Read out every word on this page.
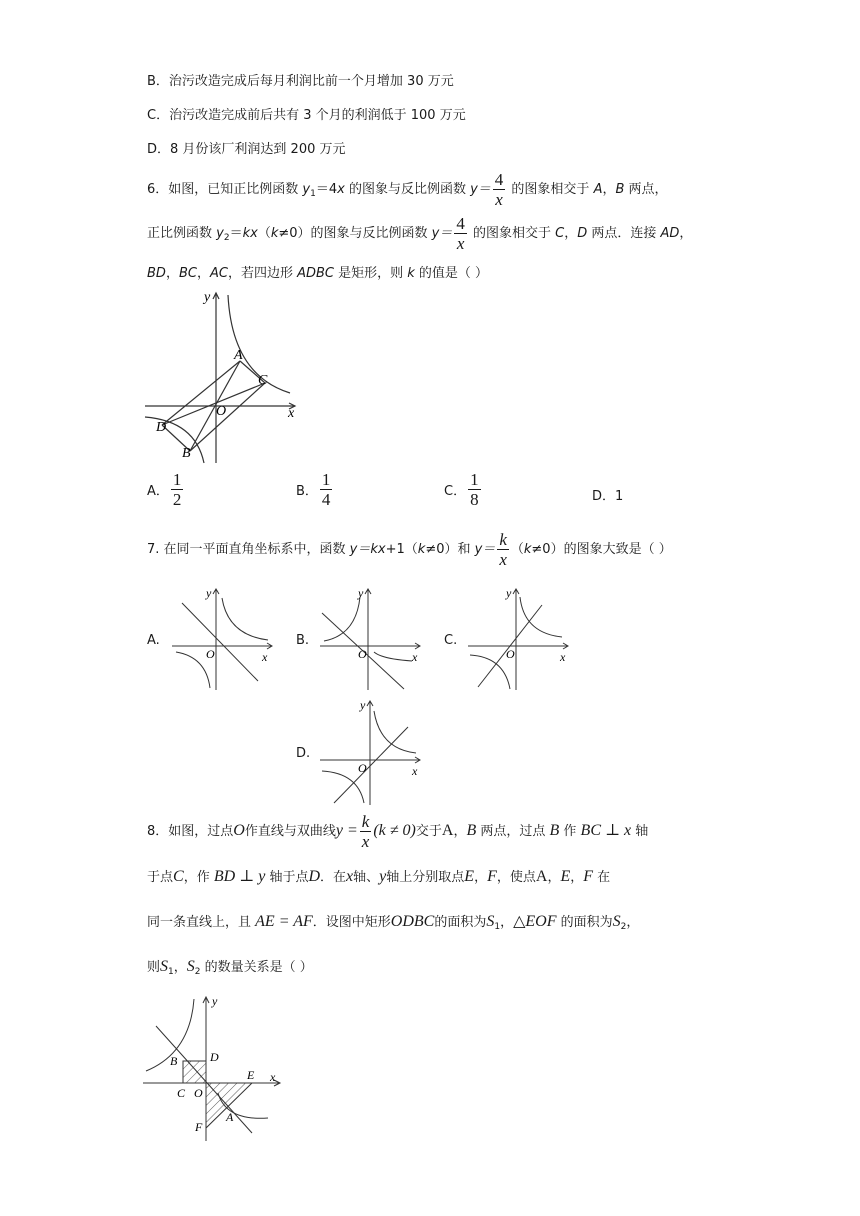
B．治污改造完成后每月利润比前一个月增加 30 万元
C．治污改造完成前后共有 3 个月的利润低于 100 万元
D．8 月份该厂利润达到 200 万元
6．如图，已知正比例函数 $y_1=4x$ 的图象与反比例函数 $y= \frac{4}{x}$ 的图象相交于 A，B 两点，
正比例函数 $y_2=kx(k\ne 0)$的图象与反比例函数 $y= \frac{4}{x}$ 的图象相交于 C，D 两点．连接 AD，
BD，BC，AC，若四边形 ADBC 是矩形，则 k 的值是（ ）
y
x
O
A
B
C
D
A． $\frac{1}{2}$	B． $\frac{1}{4}$	C． $\frac{1}{8}$	D．1
7. 在同一平面直角坐标系中，函数 y＝kx+1（k≠0）和 $y= \frac{k}{x} (k\ne 0)$的图象大致是（ ）
A.
y
x
O
B.
y
x
O
C.
y
x
O
D.
y
x
O
8．如图，过点O作直线与双曲线$y = \frac{k}{x} (k \ne 0)$交于A，B 两点，过点 B 作 BC ⊥ x 轴
于点C，作 BD ⊥ y 轴于点D．在x轴、y轴上分别取点E，F，使点A，E，F 在
同一条直线上，且 AE = AF．设图中矩形ODBC的面积为$S_1$，△EOF 的面积为$S_2$，
则$S_1$，$S_2$ 的数量关系是（ ）
y
x
O
B	D
C
E
F
A
